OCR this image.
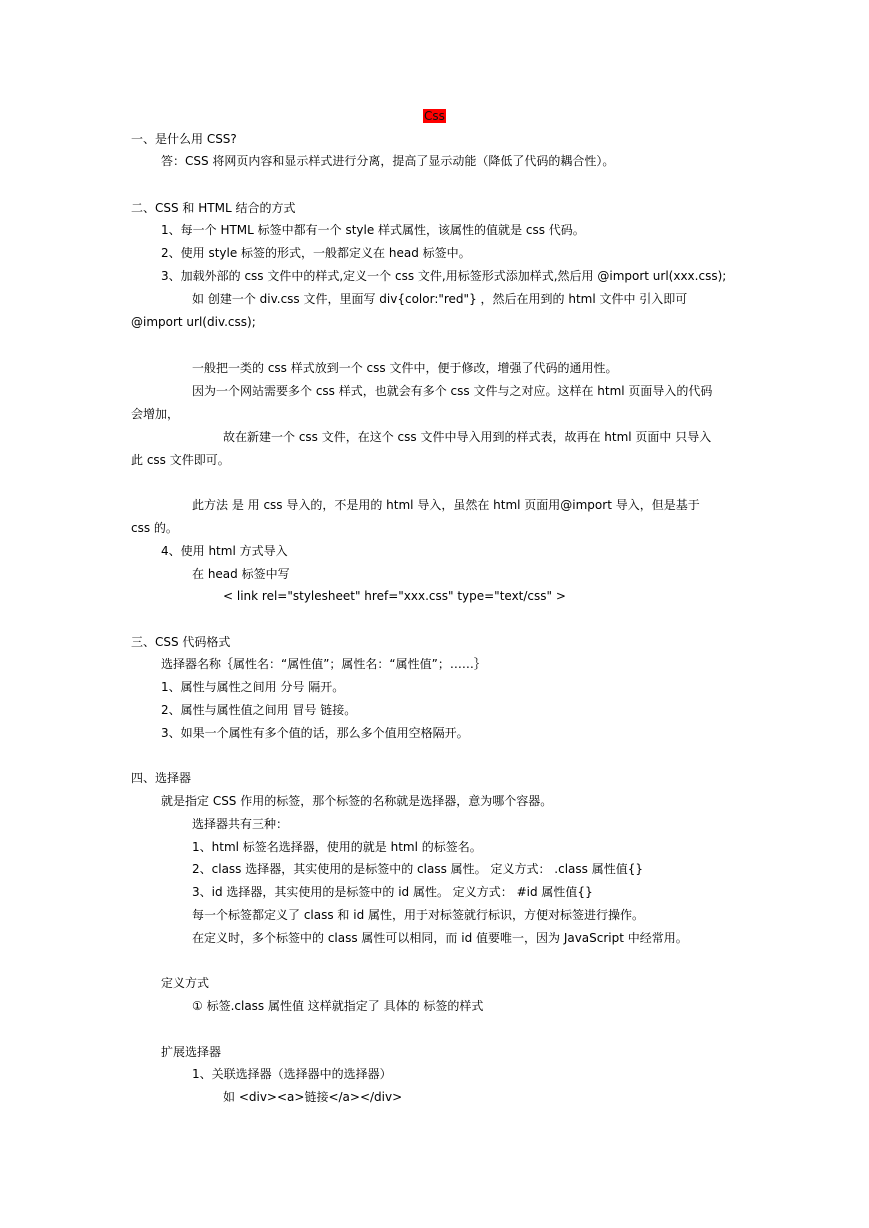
Css
一、是什么用 CSS?
答：CSS 将网页内容和显示样式进行分离，提高了显示动能（降低了代码的耦合性）。
二、CSS 和 HTML 结合的方式
1、每一个 HTML 标签中都有一个 style 样式属性，该属性的值就是 css 代码。
2、使用 style 标签的形式，一般都定义在 head 标签中。
3、加载外部的 css 文件中的样式,定义一个 css 文件,用标签形式添加样式,然后用 @import url(xxx.css);
如 创建一个 div.css 文件，里面写 div{color:"red"} ，然后在用到的 html 文件中 引入即可
@import url(div.css);
一般把一类的 css 样式放到一个 css 文件中，便于修改，增强了代码的通用性。
因为一个网站需要多个 css 样式，也就会有多个 css 文件与之对应。这样在 html 页面导入的代码
会增加，
故在新建一个 css 文件，在这个 css 文件中导入用到的样式表，故再在 html 页面中 只导入
此 css 文件即可。
此方法 是 用 css 导入的，不是用的 html 导入，虽然在 html 页面用@import 导入，但是基于
css 的。
4、使用 html 方式导入
在 head 标签中写
< link rel="stylesheet" href="xxx.css" type="text/css" >
三、CSS 代码格式
选择器名称｛属性名：“属性值”；属性名：“属性值”；……｝
1、属性与属性之间用 分号 隔开。
2、属性与属性值之间用 冒号 链接。
3、如果一个属性有多个值的话，那么多个值用空格隔开。
四、选择器
就是指定 CSS 作用的标签，那个标签的名称就是选择器，意为哪个容器。
选择器共有三种：
1、html 标签名选择器，使用的就是 html 的标签名。
2、class 选择器，其实使用的是标签中的 class 属性。 定义方式： .class 属性值{}
3、id 选择器，其实使用的是标签中的 id 属性。 定义方式： #id 属性值{}
每一个标签都定义了 class 和 id 属性，用于对标签就行标识，方便对标签进行操作。
在定义时，多个标签中的 class 属性可以相同，而 id 值要唯一，因为 JavaScript 中经常用。
定义方式
① 标签.class 属性值 这样就指定了 具体的 标签的样式
扩展选择器
1、关联选择器（选择器中的选择器）
如 <div><a>链接</a></div>
